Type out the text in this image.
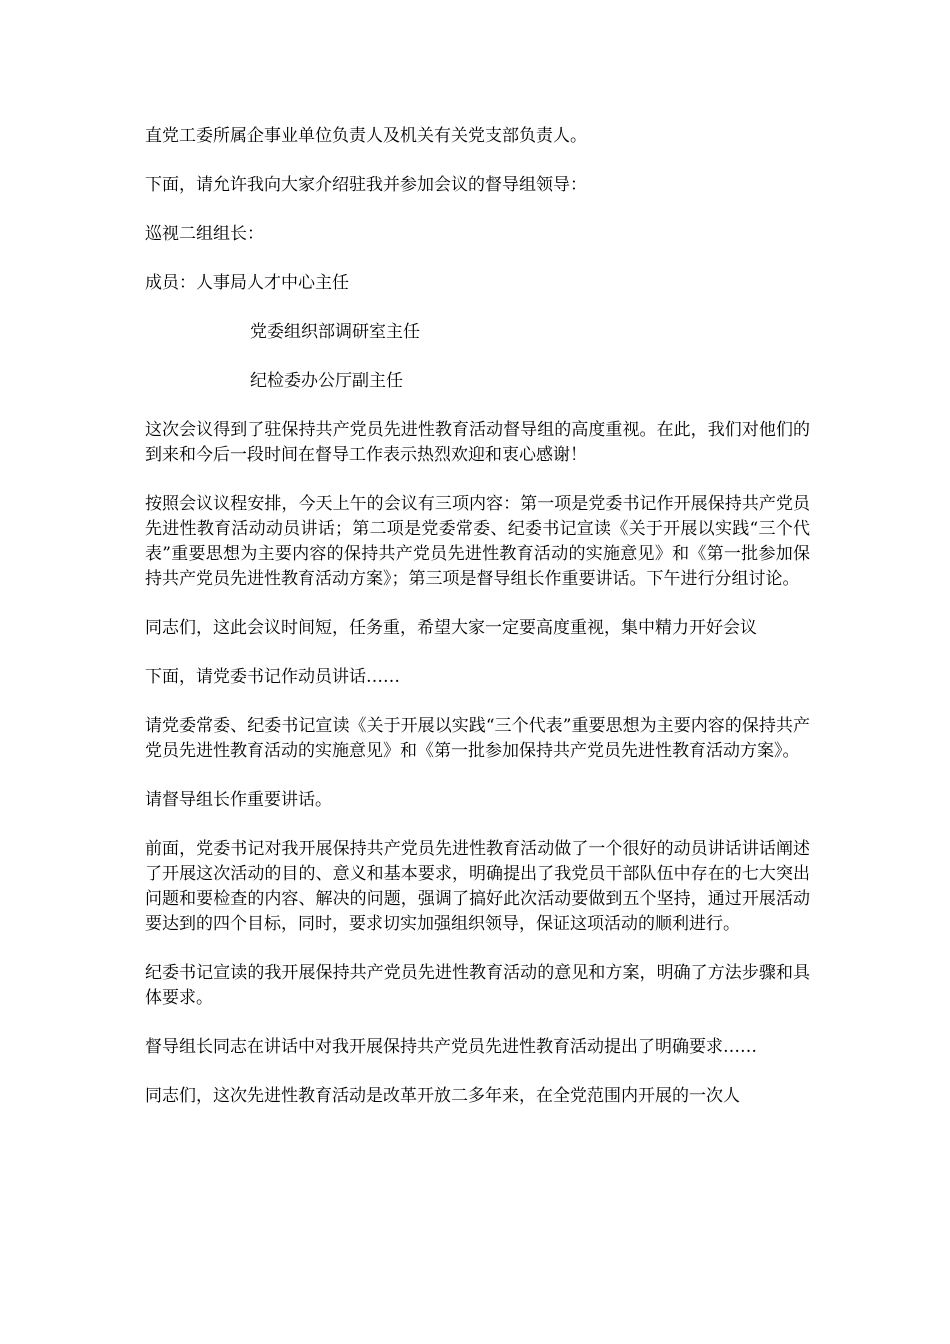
直党工委所属企事业单位负责人及机关有关党支部负责人。

下面，请允许我向大家介绍驻我并参加会议的督导组领导：

巡视二组组长：

成员：人事局人才中心主任

党委组织部调研室主任

纪检委办公厅副主任

这次会议得到了驻保持共产党员先进性教育活动督导组的高度重视。在此，我们对他们的到来和今后一段时间在督导工作表示热烈欢迎和衷心感谢！

按照会议议程安排，今天上午的会议有三项内容：第一项是党委书记作开展保持共产党员先进性教育活动动员讲话；第二项是党委常委、纪委书记宣读《关于开展以实践“三个代表”重要思想为主要内容的保持共产党员先进性教育活动的实施意见》和《第一批参加保持共产党员先进性教育活动方案》；第三项是督导组长作重要讲话。下午进行分组讨论。

同志们，这此会议时间短，任务重，希望大家一定要高度重视，集中精力开好会议

下面，请党委书记作动员讲话……

请党委常委、纪委书记宣读《关于开展以实践“三个代表”重要思想为主要内容的保持共产党员先进性教育活动的实施意见》和《第一批参加保持共产党员先进性教育活动方案》。

请督导组长作重要讲话。

前面，党委书记对我开展保持共产党员先进性教育活动做了一个很好的动员讲话讲话阐述了开展这次活动的目的、意义和基本要求，明确提出了我党员干部队伍中存在的七大突出问题和要检查的内容、解决的问题，强调了搞好此次活动要做到五个坚持，通过开展活动要达到的四个目标，同时，要求切实加强组织领导，保证这项活动的顺利进行。

纪委书记宣读的我开展保持共产党员先进性教育活动的意见和方案，明确了方法步骤和具体要求。

督导组长同志在讲话中对我开展保持共产党员先进性教育活动提出了明确要求……

同志们，这次先进性教育活动是改革开放二多年来，在全党范围内开展的一次人
